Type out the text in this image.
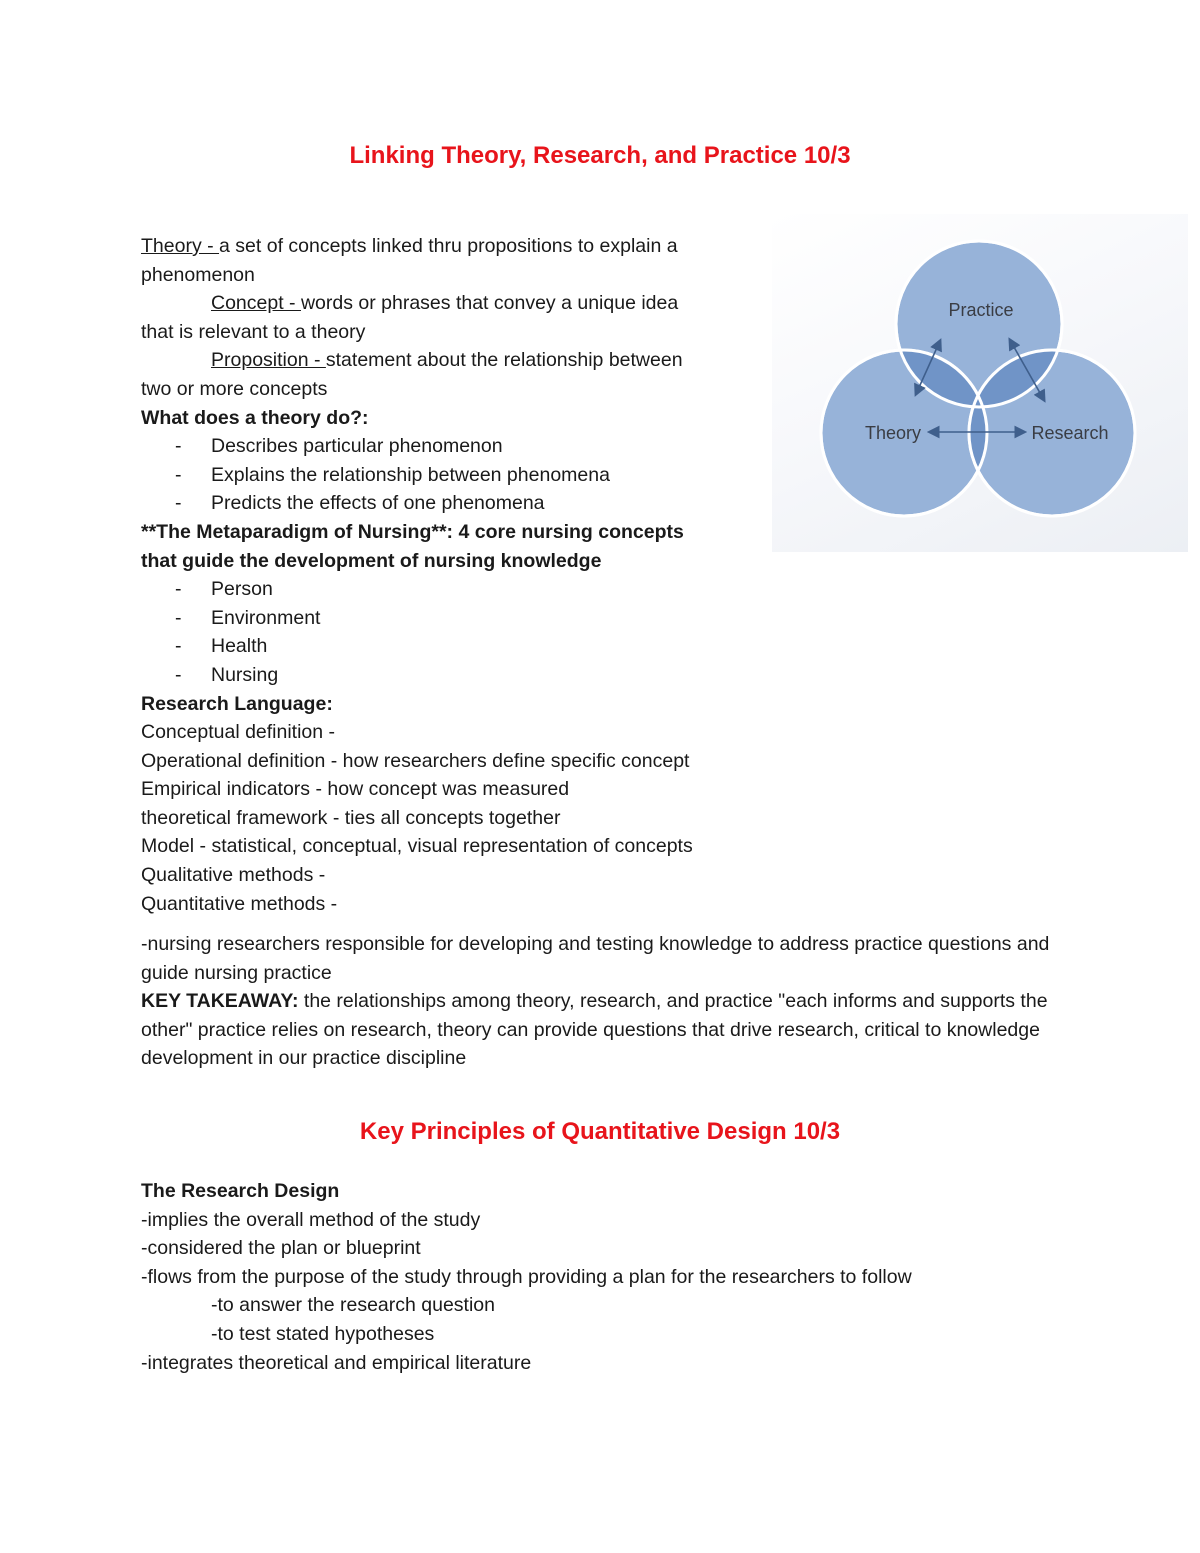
Linking Theory, Research, and Practice 10/3
Theory - a set of concepts linked thru propositions to explain a
phenomenon
Concept - words or phrases that convey a unique idea
that is relevant to a theory
Proposition - statement about the relationship between
two or more concepts
What does a theory do?:
- Describes particular phenomenon
- Explains the relationship between phenomena
- Predicts the effects of one phenomena
**The Metaparadigm of Nursing**: 4 core nursing concepts
that guide the development of nursing knowledge
- Person
- Environment
- Health
- Nursing
Research Language:
Conceptual definition -
Operational definition - how researchers define specific concept
Empirical indicators - how concept was measured
theoretical framework - ties all concepts together
Model - statistical, conceptual, visual representation of concepts
Qualitative methods -
Quantitative methods -
-nursing researchers responsible for developing and testing knowledge to address practice questions and guide nursing practice
KEY TAKEAWAY: the relationships among theory, research, and practice "each informs and supports the other" practice relies on research, theory can provide questions that drive research, critical to knowledge development in our practice discipline
Practice
Theory	Research
Key Principles of Quantitative Design 10/3
The Research Design
-implies the overall method of the study
-considered the plan or blueprint
-flows from the purpose of the study through providing a plan for the researchers to follow
-to answer the research question
-to test stated hypotheses
-integrates theoretical and empirical literature
